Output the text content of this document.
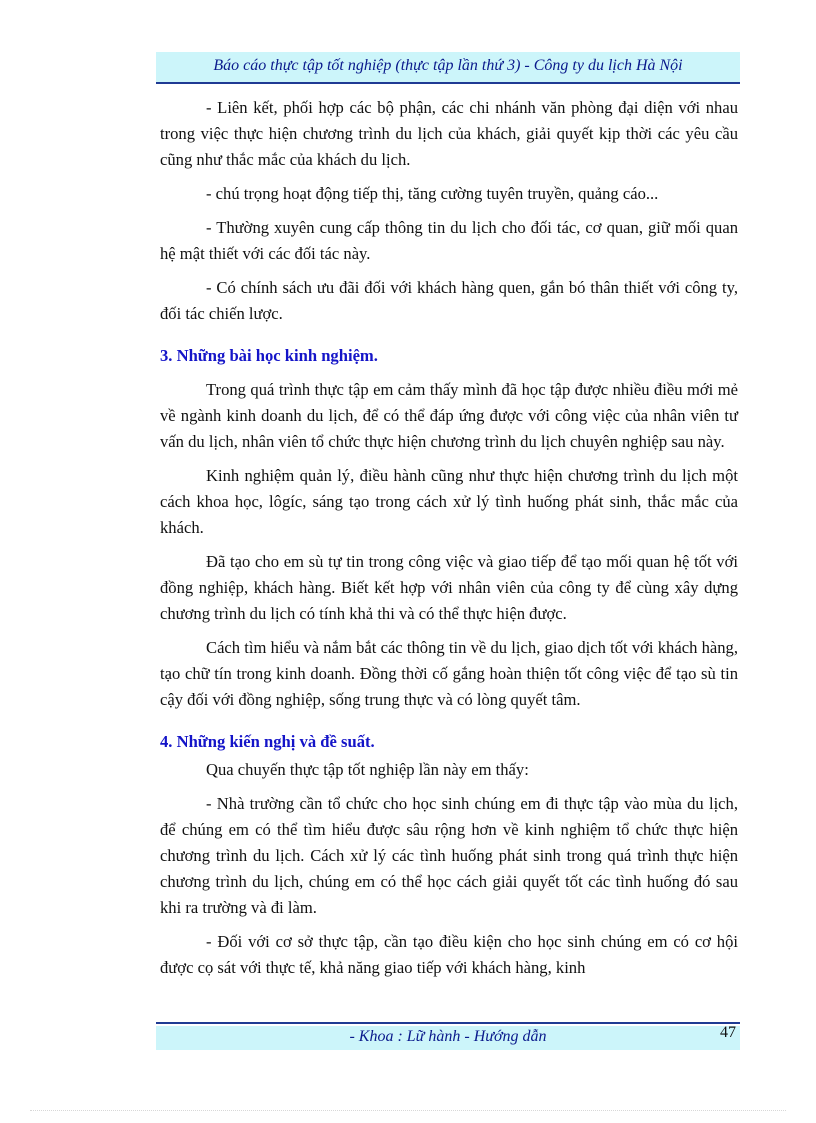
Báo cáo thực tập tốt nghiệp (thực tập lần thứ 3) - Công ty du lịch Hà Nội

- Liên kết, phối hợp các bộ phận, các chi nhánh văn phòng đại diện với nhau trong việc thực hiện chương trình du lịch của khách, giải quyết kịp thời các yêu cầu cũng như thắc mắc của khách du lịch.

- chú trọng hoạt động tiếp thị, tăng cường tuyên truyền, quảng cáo...

- Thường xuyên cung cấp thông tin du lịch cho đối tác, cơ quan, giữ mối quan hệ mật thiết với các đối tác này.

- Có chính sách ưu đãi đối với khách hàng quen, gắn bó thân thiết với công ty, đối tác chiến lược.

3. Những bài học kinh nghiệm.

Trong quá trình thực tập em cảm thấy mình đã học tập được nhiều điều mới mẻ về ngành kinh doanh du lịch, để có thể đáp ứng được với công việc của nhân viên tư vấn du lịch, nhân viên tổ chức thực hiện chương trình du lịch chuyên nghiệp sau này.

Kinh nghiệm quản lý, điều hành cũng như thực hiện chương trình du lịch một cách khoa học, lôgíc, sáng tạo trong cách xử lý tình huống phát sinh, thắc mắc của khách.

Đã tạo cho em sù tự tin trong công việc và giao tiếp để tạo mối quan hệ tốt với đồng nghiệp, khách hàng. Biết kết hợp với nhân viên của công ty để cùng xây dựng chương trình du lịch có tính khả thi và có thể thực hiện được.

Cách tìm hiểu và nắm bắt các thông tin về du lịch, giao dịch tốt với khách hàng, tạo chữ tín trong kinh doanh. Đồng thời cố gắng hoàn thiện tốt công việc để tạo sù tin cậy đối với đồng nghiệp, sống trung thực và có lòng quyết tâm.

4. Những kiến nghị và đề suất.

Qua chuyến thực tập tốt nghiệp lần này em thấy:

- Nhà trường cần tổ chức cho học sinh chúng em đi thực tập vào mùa du lịch, để chúng em có thể tìm hiểu được sâu rộng hơn về kinh nghiệm tổ chức thực hiện chương trình du lịch. Cách xử lý các tình huống phát sinh trong quá trình thực hiện chương trình du lịch, chúng em có thể học cách giải quyết tốt các tình huống đó sau khi ra trường và đi làm.

- Đối với cơ sở thực tập, cần tạo điều kiện cho học sinh chúng em có cơ hội được cọ sát với thực tế, khả năng giao tiếp với khách hàng, kinh

- Khoa : Lữ hành - Hướng dẫn	47
